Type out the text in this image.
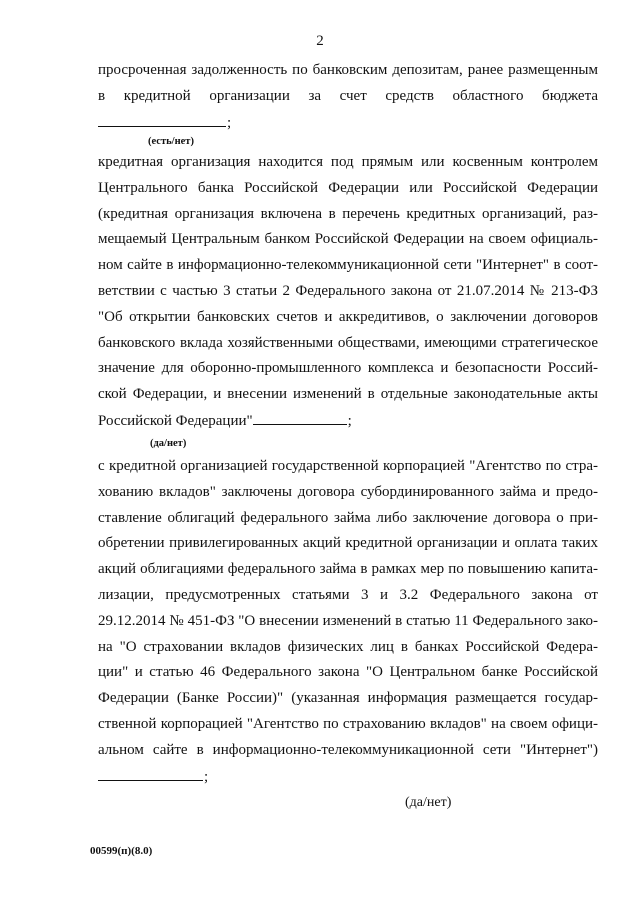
2
просроченная задолженность по банковским депозитам, ранее размещенным
в кредитной организации за счет средств областного бюджета
;
(есть/нет)
кредитная организация находится под прямым или косвенным контролем
Центрального банка Российской Федерации или Российской Федерации
(кредитная организация включена в перечень кредитных организаций, раз-
мещаемый Центральным банком Российской Федерации на своем официаль-
ном сайте в информационно-телекоммуникационной сети "Интернет" в соот-
ветствии с частью 3 статьи 2 Федерального закона от 21.07.2014 № 213-ФЗ
"Об открытии банковских счетов и аккредитивов, о заключении договоров
банковского вклада хозяйственными обществами, имеющими стратегическое
значение для оборонно-промышленного комплекса и безопасности Россий-
ской Федерации, и внесении изменений в отдельные законодательные акты
Российской Федерации"	;
(да/нет)
с кредитной организацией государственной корпорацией "Агентство по стра-
хованию вкладов" заключены договора субординированного займа и предо-
ставление облигаций федерального займа либо заключение договора о при-
обретении привилегированных акций кредитной организации и оплата таких
акций облигациями федерального займа в рамках мер по повышению капита-
лизации, предусмотренных статьями 3 и 3.2 Федерального закона от
29.12.2014 № 451-ФЗ "О внесении изменений в статью 11 Федерального зако-
на "О страховании вкладов физических лиц в банках Российской Федера-
ции" и статью 46 Федерального закона "О Центральном банке Российской
Федерации (Банке России)" (указанная информация размещается государ-
ственной корпорацией "Агентство по страхованию вкладов" на своем офици-
альном сайте в информационно-телекоммуникационной сети "Интернет")
;
(да/нет)
00599(п)(8.0)
